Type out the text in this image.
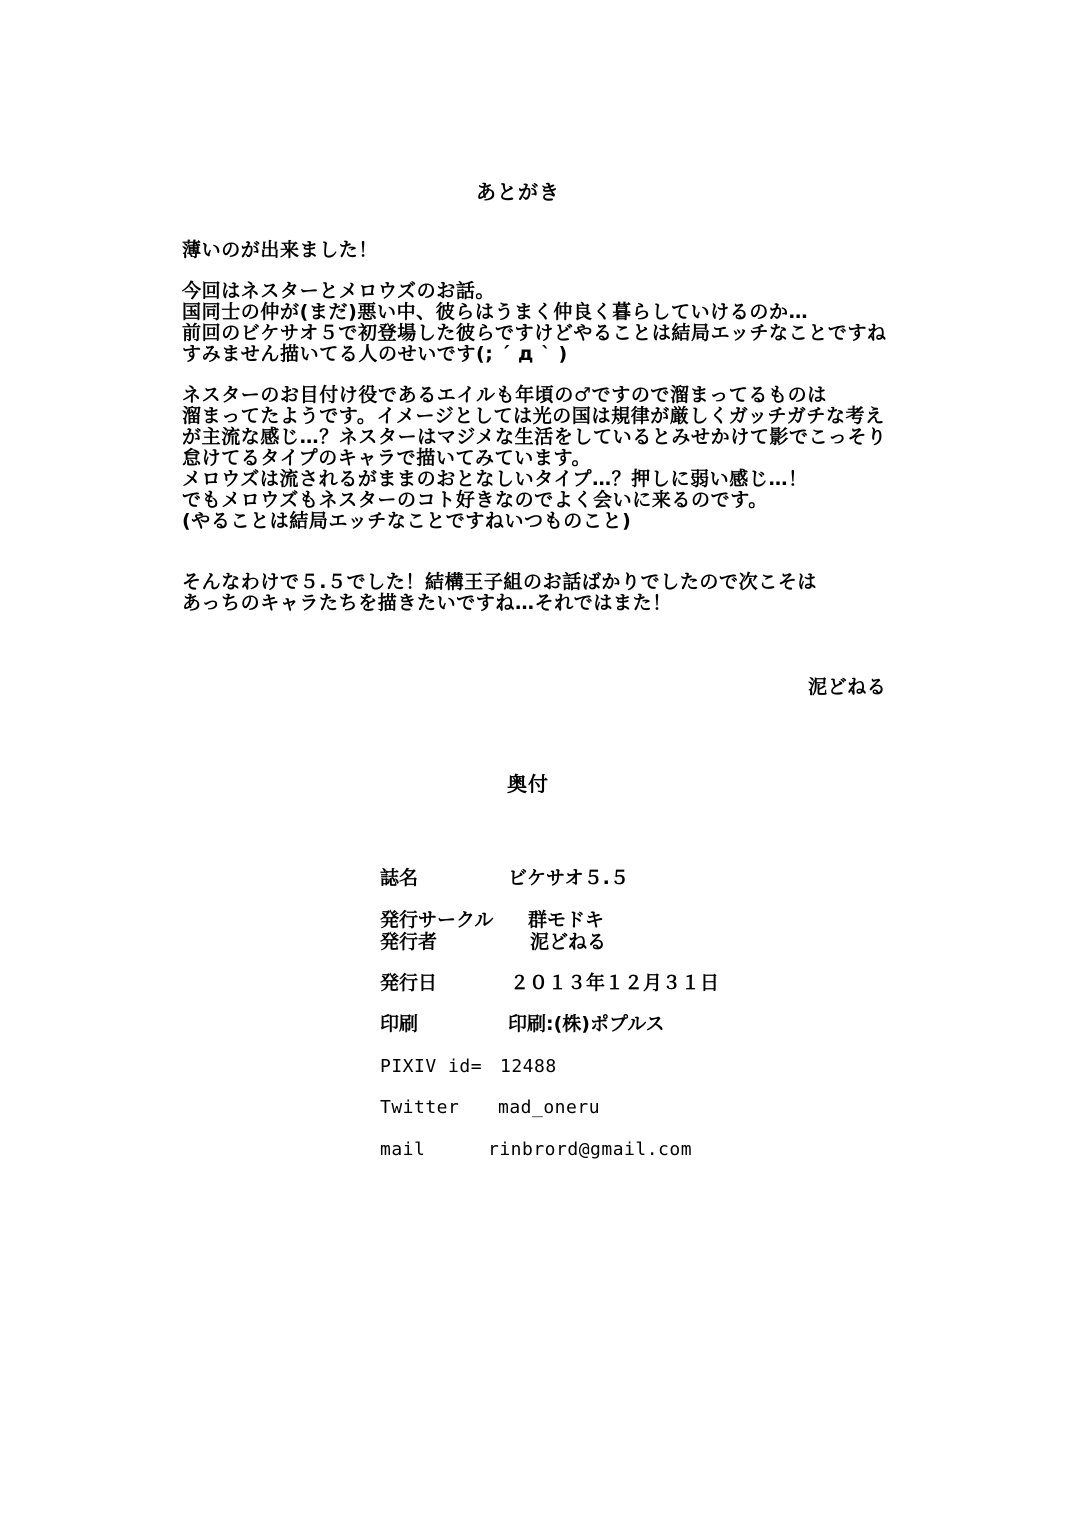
あとがき
薄いのが出来ました！
今回はネスターとメロウズのお話。
国同士の仲が(まだ)悪い中、彼らはうまく仲良く暮らしていけるのか…
前回のビケサオ５で初登場した彼らですけどやることは結局エッチなことですね
すみません描いてる人のせいです(; ´ д ` )
ネスターのお目付け役であるエイルも年頃の♂ですので溜まってるものは
溜まってたようです。イメージとしては光の国は規律が厳しくガッチガチな考え
が主流な感じ…？ネスターはマジメな生活をしているとみせかけて影でこっそり
怠けてるタイプのキャラで描いてみています。
メロウズは流されるがままのおとなしいタイプ…？押しに弱い感じ…！
でもメロウズもネスターのコト好きなのでよく会いに来るのです。
(やることは結局エッチなことですねいつものこと)
そんなわけで５.５でした！結構王子組のお話ばかりでしたので次こそは
あっちのキャラたちを描きたいですね…それではまた！
泥どねる
奥付
誌名	ビケサオ５.５
発行サークル 群モドキ
発行者	泥どねる
発行日	２０１３年１２月３１日
印刷	印刷:(株)ポプルス
PIXIV id= 12488
Twitter mad_oneru
mail	rinbrord@gmail.com
